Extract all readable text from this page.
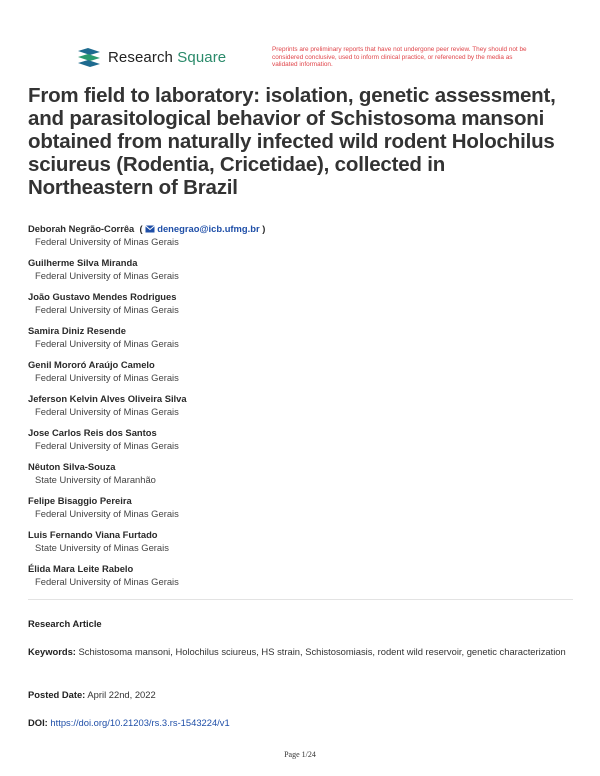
Research Square	Preprints are preliminary reports that have not undergone peer review. They should not be considered conclusive, used to inform clinical practice, or referenced by the media as validated information.
From field to laboratory: isolation, genetic assessment, and parasitological behavior of Schistosoma mansoni obtained from naturally infected wild rodent Holochilus sciureus (Rodentia, Cricetidae), collected in Northeastern of Brazil
Deborah Negrão-Corrêa  ( denegrao@icb.ufmg.br )
Federal University of Minas Gerais
Guilherme Silva Miranda
Federal University of Minas Gerais
João Gustavo Mendes Rodrigues
Federal University of Minas Gerais
Samira Diniz Resende
Federal University of Minas Gerais
Genil Mororó Araújo Camelo
Federal University of Minas Gerais
Jeferson Kelvin Alves Oliveira Silva
Federal University of Minas Gerais
Jose Carlos Reis dos Santos
Federal University of Minas Gerais
Nêuton Silva-Souza
State University of Maranhão
Felipe Bisaggio Pereira
Federal University of Minas Gerais
Luis Fernando Viana Furtado
State University of Minas Gerais
Élida Mara Leite Rabelo
Federal University of Minas Gerais
Research Article
Keywords: Schistosoma mansoni, Holochilus sciureus, HS strain, Schistosomiasis, rodent wild reservoir, genetic characterization
Posted Date: April 22nd, 2022
DOI: https://doi.org/10.21203/rs.3.rs-1543224/v1
Page 1/24
